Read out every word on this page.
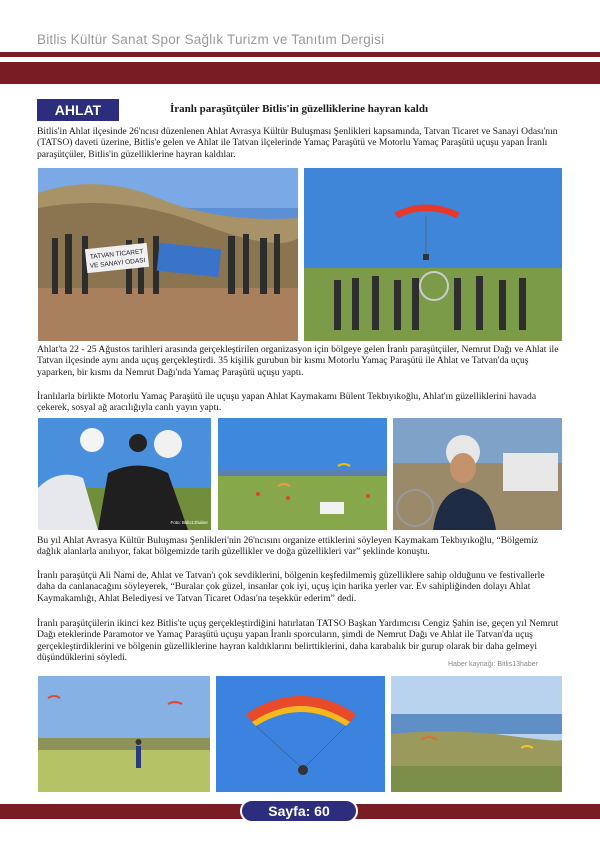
Bitlis Kültür Sanat Spor Sağlık Turizm ve Tanıtım Dergisi
AHLAT	İranlı paraşütçüler Bitlis'in güzelliklerine hayran kaldı
Bitlis'in Ahlat ilçesinde 26'ncısı düzenlenen Ahlat Avrasya Kültür Buluşması Şenlikleri kapsamında, Tatvan Ticaret ve Sanayi Odası'nın (TATSO) daveti üzerine, Bitlis'e gelen ve Ahlat ile Tatvan ilçelerinde Yamaç Paraşütü ve Motorlu Yamaç Paraşütü uçuşu yapan İranlı paraşütçüler, Bitlis'in güzelliklerine hayran kaldılar.
TATVAN TİCARET
VE SANAYİ ODASI
Ahlat'ta 22 - 25 Ağustos tarihleri arasında gerçekleştirilen organizasyon için bölgeye gelen İranlı paraşütçüler, Nemrut Dağı ve Ahlat ile Tatvan ilçesinde aynı anda uçuş gerçekleştirdi. 35 kişilik gurubun bir kısmı Motorlu Yamaç Paraşütü ile Ahlat ve Tatvan'da uçuş yaparken, bir kısmı da Nemrut Dağı'nda Yamaç Paraşütü uçuşu yaptı.
İranlılarla birlikte Motorlu Yamaç Paraşütü ile uçuşu yapan Ahlat Kaymakamı Bülent Tekbıyıkoğlu, Ahlat'ın güzelliklerini havada çekerek, sosyal ağ aracılığıyla canlı yayın yaptı.
Foto: Bitlis13haber
Bu yıl Ahlat Avrasya Kültür Buluşması Şenlikleri'nin 26'ncısını organize ettiklerini söyleyen Kaymakam Tekbıyıkoğlu, “Bölgemiz dağlık alanlarla anılıyor, fakat bölgemizde tarih güzellikler ve doğa güzellikleri var” şeklinde konuştu.
İranlı paraşütçü Ali Nami de, Ahlat ve Tatvan'ı çok sevdiklerini, bölgenin keşfedilmemiş güzelliklere sahip olduğunu ve festivallerle daha da canlanacağını söyleyerek, “Buralar çok güzel, insanlar çok iyi, uçuş için harika yerler var. Ev sahipliğinden dolayı Ahlat Kaymakamlığı, Ahlat Belediyesi ve Tatvan Ticaret Odası'na teşekkür ederim” dedi.
İranlı paraşütçülerin ikinci kez Bitlis'te uçuş gerçekleştirdiğini hatırlatan TATSO Başkan Yardımcısı Cengiz Şahin ise, geçen yıl Nemrut Dağı eteklerinde Paramotor ve Yamaç Paraşütü uçuşu yapan İranlı sporcuların, şimdi de Nemrut Dağı ve Ahlat ile Tatvan'da uçuş gerçekleştirdiklerini ve bölgenin güzelliklerine hayran kaldıklarını belirttiklerini, daha karabalık bir gurup olarak bir daha gelmeyi düşündüklerini söyledi.
Haber kaynağı: Bitlis13haber
Sayfa: 60
